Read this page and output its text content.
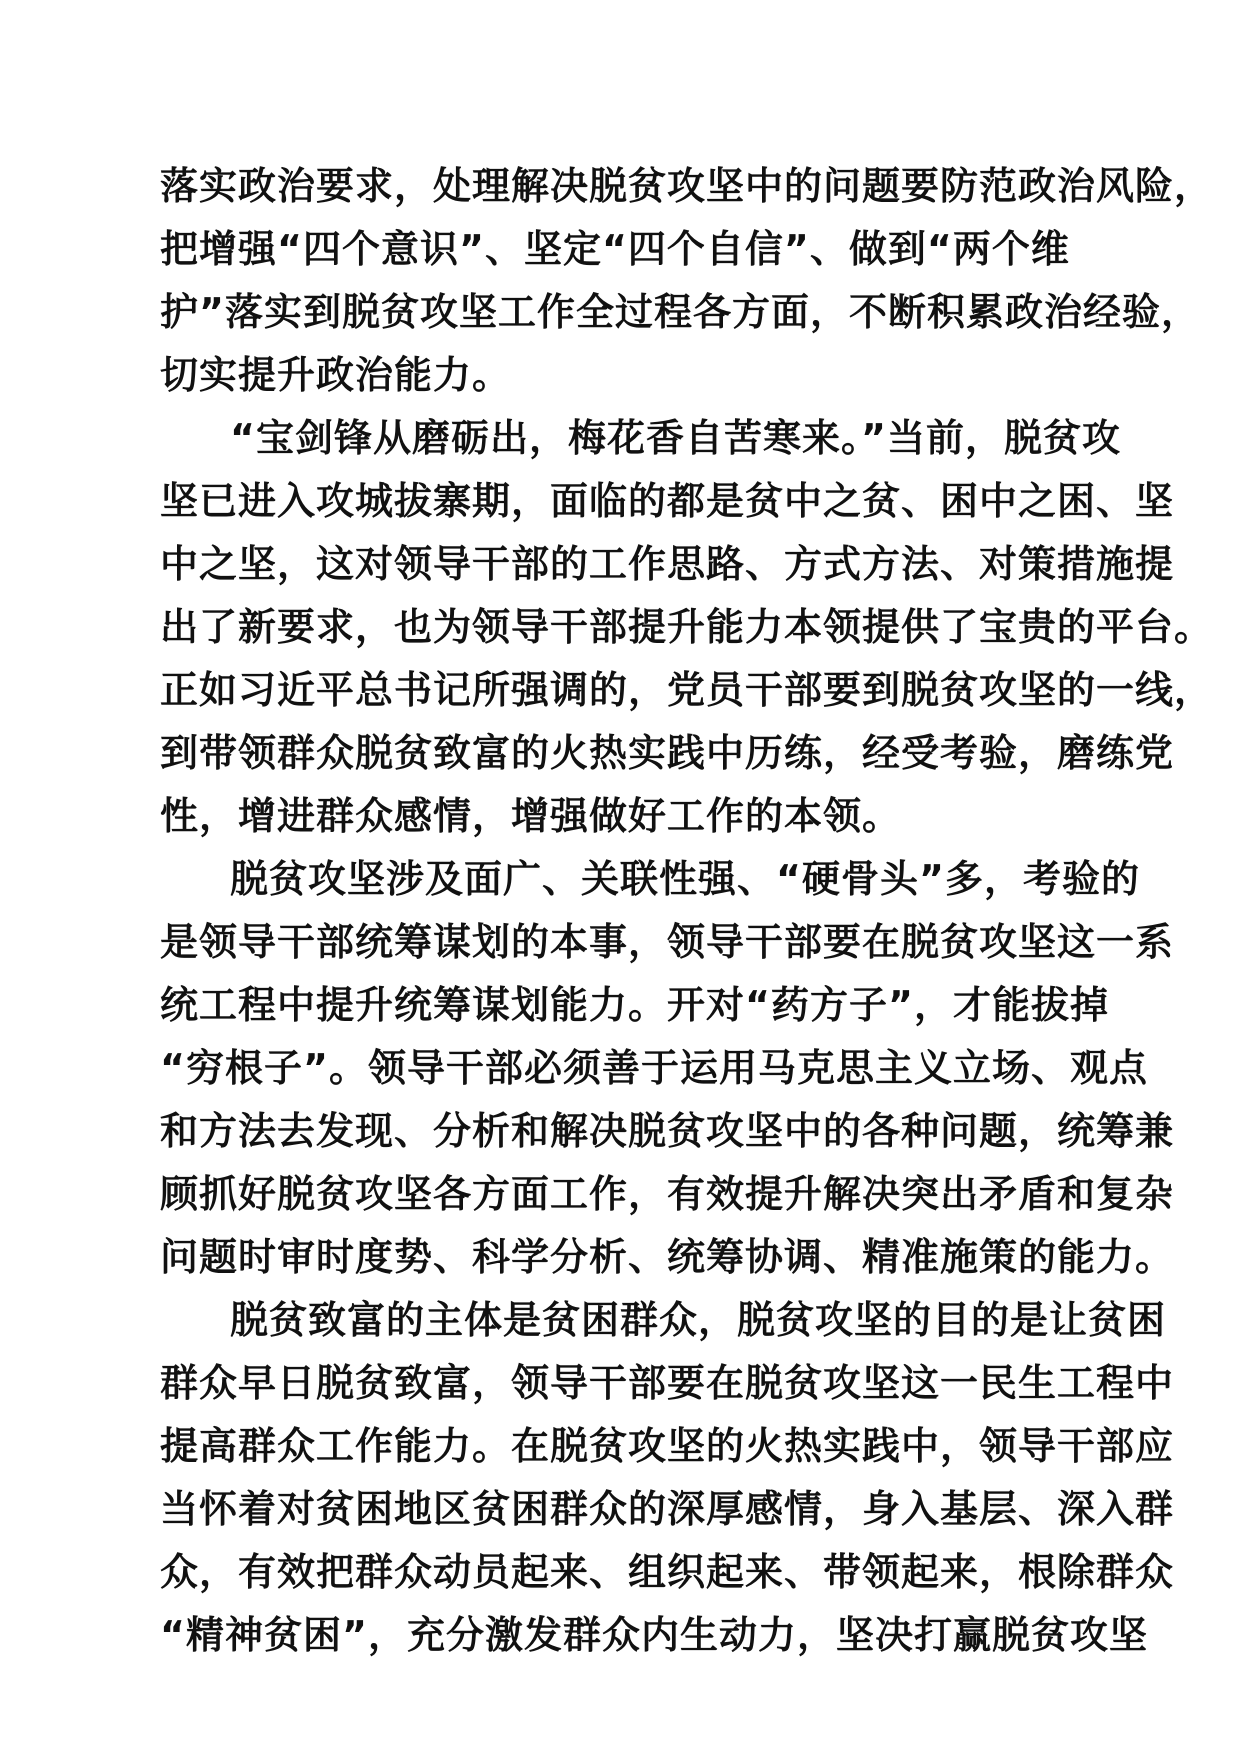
落实政治要求，处理解决脱贫攻坚中的问题要防范政治风险，
把增强“四个意识”、坚定“四个自信”、做到“两个维
护”落实到脱贫攻坚工作全过程各方面，不断积累政治经验，
切实提升政治能力。
“宝剑锋从磨砺出，梅花香自苦寒来。”当前，脱贫攻
坚已进入攻城拔寨期，面临的都是贫中之贫、困中之困、坚
中之坚，这对领导干部的工作思路、方式方法、对策措施提
出了新要求，也为领导干部提升能力本领提供了宝贵的平台。
正如习近平总书记所强调的，党员干部要到脱贫攻坚的一线，
到带领群众脱贫致富的火热实践中历练，经受考验，磨练党
性，增进群众感情，增强做好工作的本领。
脱贫攻坚涉及面广、关联性强、“硬骨头”多，考验的
是领导干部统筹谋划的本事，领导干部要在脱贫攻坚这一系
统工程中提升统筹谋划能力。开对“药方子”，才能拔掉
“穷根子”。领导干部必须善于运用马克思主义立场、观点
和方法去发现、分析和解决脱贫攻坚中的各种问题，统筹兼
顾抓好脱贫攻坚各方面工作，有效提升解决突出矛盾和复杂
问题时审时度势、科学分析、统筹协调、精准施策的能力。
脱贫致富的主体是贫困群众，脱贫攻坚的目的是让贫困
群众早日脱贫致富，领导干部要在脱贫攻坚这一民生工程中
提高群众工作能力。在脱贫攻坚的火热实践中，领导干部应
当怀着对贫困地区贫困群众的深厚感情，身入基层、深入群
众，有效把群众动员起来、组织起来、带领起来，根除群众
“精神贫困”，充分激发群众内生动力，坚决打赢脱贫攻坚
